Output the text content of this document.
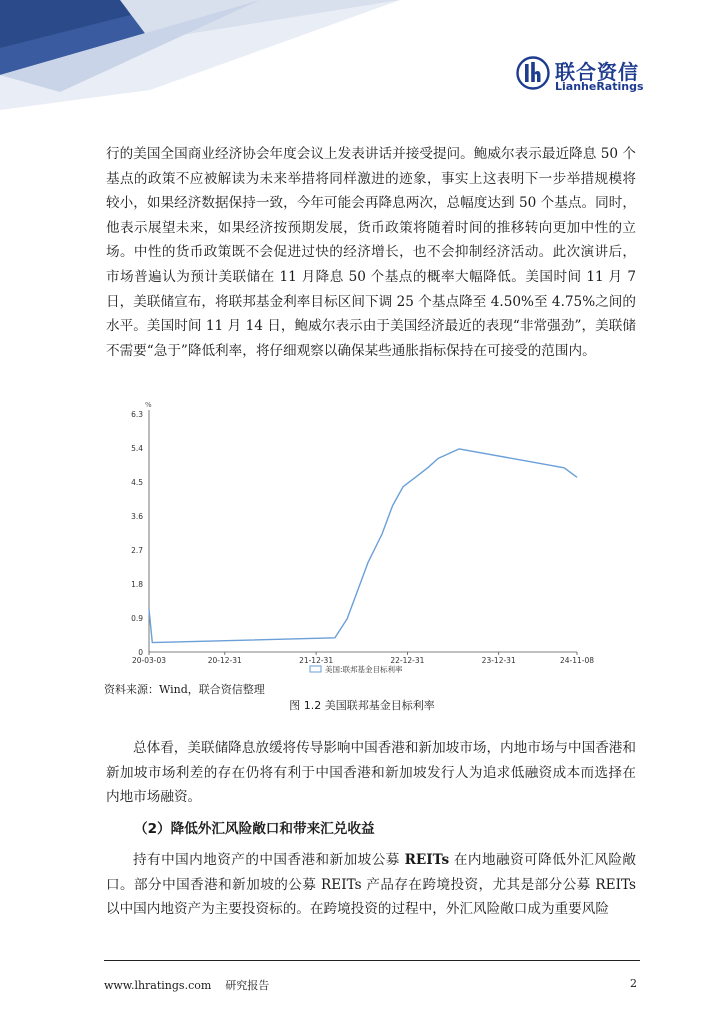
联合资信
LianheRatings

行的美国全国商业经济协会年度会议上发表讲话并接受提问。鲍威尔表示最近降息 50 个基点的政策不应被解读为未来举措将同样激进的迹象，事实上这表明下一步举措规模将较小，如果经济数据保持一致，今年可能会再降息两次，总幅度达到 50 个基点。同时，他表示展望未来，如果经济按预期发展，货币政策将随着时间的推移转向更加中性的立场。中性的货币政策既不会促进过快的经济增长，也不会抑制经济活动。此次演讲后，市场普遍认为预计美联储在 11 月降息 50 个基点的概率大幅降低。美国时间 11 月 7 日，美联储宣布，将联邦基金利率目标区间下调 25 个基点降至 4.50%至 4.75%之间的水平。美国时间 11 月 14 日，鲍威尔表示由于美国经济最近的表现“非常强劲”，美联储不需要“急于”降低利率，将仔细观察以确保某些通胀指标保持在可接受的范围内。

%
0
0.9
1.8
2.7
3.6
4.5
5.4
6.3
20-03-03	20-12-31	21-12-31	22-12-31	23-12-31	24-11-08
美国:联邦基金目标利率
资料来源：Wind，联合资信整理
图 1.2 美国联邦基金目标利率

总体看，美联储降息放缓将传导影响中国香港和新加坡市场，内地市场与中国香港和新加坡市场利差的存在仍将有利于中国香港和新加坡发行人为追求低融资成本而选择在内地市场融资。

（2）降低外汇风险敞口和带来汇兑收益

持有中国内地资产的中国香港和新加坡公募 REITs 在内地融资可降低外汇风险敞口。部分中国香港和新加坡的公募 REITs 产品存在跨境投资，尤其是部分公募 REITs 以中国内地资产为主要投资标的。在跨境投资的过程中，外汇风险敞口成为重要风险

www.lhratings.com 研究报告	2
